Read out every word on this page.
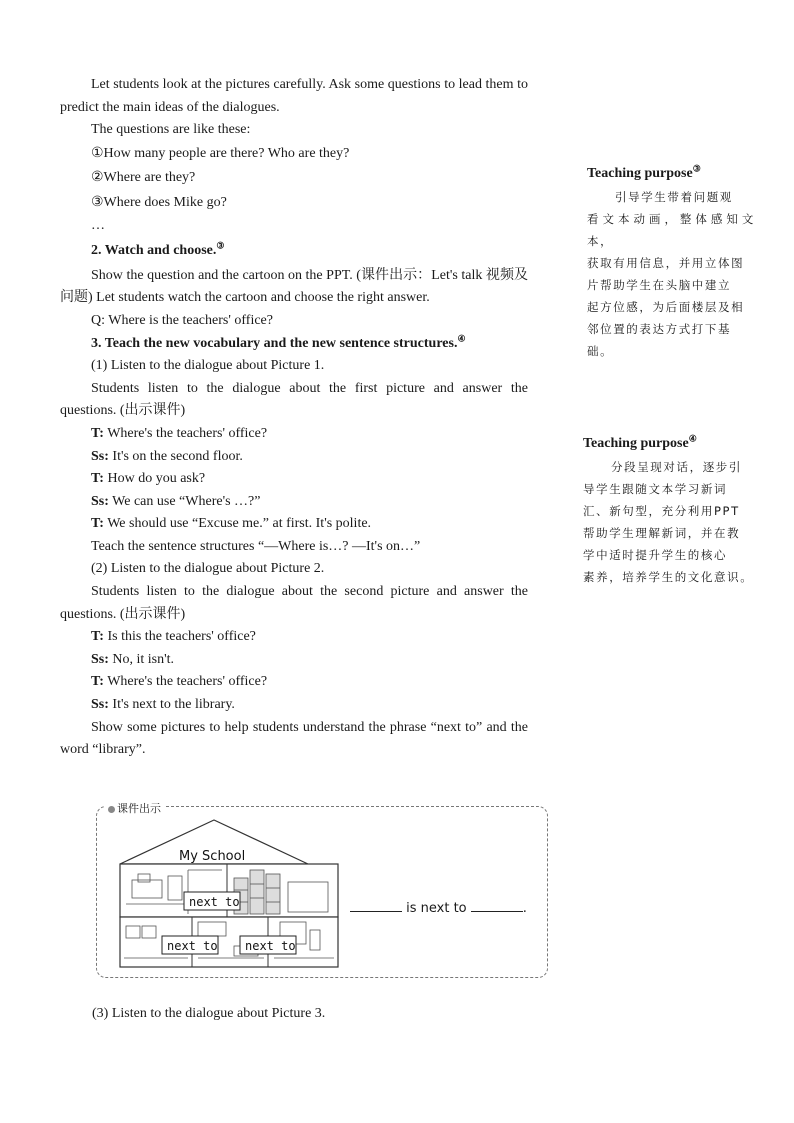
Let students look at the pictures carefully. Ask some questions to lead them to predict the main ideas of the dialogues.

The questions are like these:

①How many people are there? Who are they?

②Where are they?

③Where does Mike go?

…

2. Watch and choose.③

Show the question and the cartoon on the PPT. (课件出示：Let's talk 视频及问题) Let students watch the cartoon and choose the right answer.

Q: Where is the teachers' office?

3. Teach the new vocabulary and the new sentence structures.④

(1) Listen to the dialogue about Picture 1.

Students listen to the dialogue about the first picture and answer the questions. (出示课件)

T: Where's the teachers' office?

Ss: It's on the second floor.

T: How do you ask?

Ss: We can use “Where's …?”

T: We should use “Excuse me.” at first. It's polite.

Teach the sentence structures “—Where is…? —It's on…”

(2) Listen to the dialogue about Picture 2.

Students listen to the dialogue about the second picture and answer the questions. (出示课件)

T: Is this the teachers' office?

Ss: No, it isn't.

T: Where's the teachers' office?

Ss: It's next to the library.

Show some pictures to help students understand the phrase “next to” and the word “library”.

课件出示
My School
next to
next to next to
is next to	.

(3) Listen to the dialogue about Picture 3.

Teaching purpose③
引导学生带着问题观
看文本动画，整体感知文本，
获取有用信息，并用立体图
片帮助学生在头脑中建立
起方位感，为后面楼层及相
邻位置的表达方式打下基
础。
Teaching purpose④
分段呈现对话，逐步引
导学生跟随文本学习新词
汇、新句型，充分利用PPT
帮助学生理解新词，并在教
学中适时提升学生的核心
素养，培养学生的文化意识。
